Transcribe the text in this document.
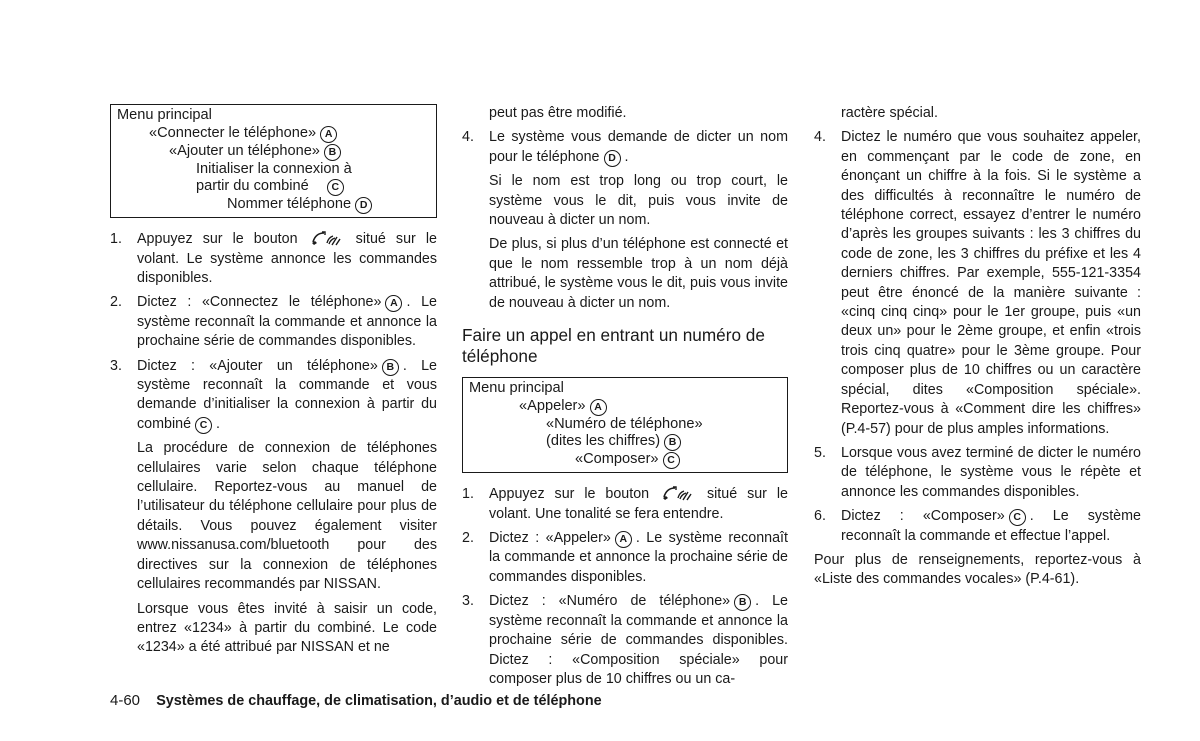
Menu principal
«Connecter le téléphone» A
«Ajouter un téléphone» B
Initialiser la connexion à
partir du combiné C
Nommer téléphone D
1.	Appuyez sur le bouton	situé sur le volant. Le système annonce les commandes disponibles.
2.	Dictez : «Connectez le téléphone» A . Le système reconnaît la commande et annonce la prochaine série de commandes disponibles.
3.	Dictez : «Ajouter un téléphone» B . Le système reconnaît la commande et vous demande d’initialiser la connexion à partir du combiné C .

La procédure de connexion de téléphones cellulaires varie selon chaque téléphone cellulaire. Reportez-vous au manuel de l’utilisateur du téléphone cellulaire pour plus de détails. Vous pouvez également visiter www.nissanusa.com/bluetooth pour des directives sur la connexion de téléphones cellulaires recommandés par NISSAN.

Lorsque vous êtes invité à saisir un code, entrez «1234» à partir du combiné. Le code «1234» a été attribué par NISSAN et ne

peut pas être modifié.

4.	Le système vous demande de dicter un nom pour le téléphone D .

Si le nom est trop long ou trop court, le système vous le dit, puis vous invite de nouveau à dicter un nom.

De plus, si plus d’un téléphone est connecté et que le nom ressemble trop à un nom déjà attribué, le système vous le dit, puis vous invite de nouveau à dicter un nom.

Faire un appel en entrant un numéro de téléphone
Menu principal
«Appeler» A
«Numéro de téléphone»
(dites les chiffres) B
«Composer» C
1.	Appuyez sur le bouton	situé sur le volant. Une tonalité se fera entendre.
2.	Dictez : «Appeler» A . Le système reconnaît la commande et annonce la prochaine série de commandes disponibles.
3.	Dictez : «Numéro de téléphone» B . Le système reconnaît la commande et annonce la prochaine série de commandes disponibles. Dictez : «Composition spéciale» pour composer plus de 10 chiffres ou un ca-

ractère spécial.

4.	Dictez le numéro que vous souhaitez appeler, en commençant par le code de zone, en énonçant un chiffre à la fois. Si le système a des difficultés à reconnaître le numéro de téléphone correct, essayez d’entrer le numéro d’après les groupes suivants : les 3 chiffres du code de zone, les 3 chiffres du préfixe et les 4 derniers chiffres. Par exemple, 555-121-3354 peut être énoncé de la manière suivante : «cinq cinq cinq» pour le 1er groupe, puis «un deux un» pour le 2ème groupe, et enfin «trois trois cinq quatre» pour le 3ème groupe. Pour composer plus de 10 chiffres ou un caractère spécial, dites «Composition spéciale». Reportez-vous à «Comment dire les chiffres» (P.4-57) pour de plus amples informations.
5.	Lorsque vous avez terminé de dicter le numéro de téléphone, le système vous le répète et annonce les commandes disponibles.
6.	Dictez : «Composer» C . Le système reconnaît la commande et effectue l’appel.

Pour plus de renseignements, reportez-vous à «Liste des commandes vocales» (P.4-61).

4-60 Systèmes de chauffage, de climatisation, d’audio et de téléphone
